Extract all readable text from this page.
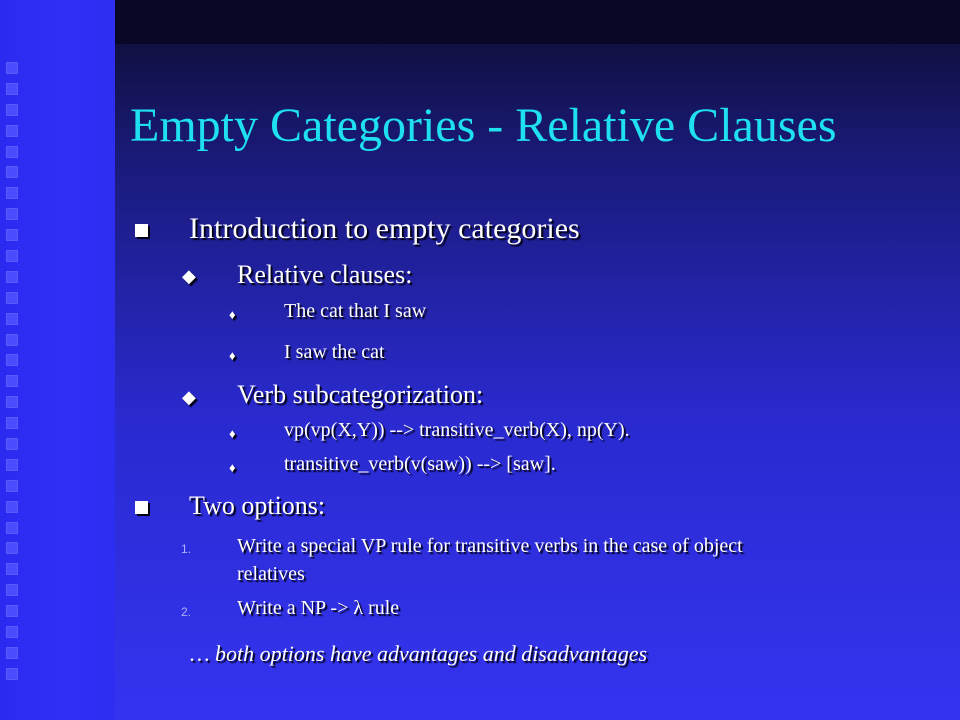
Empty Categories - Relative Clauses
Introduction to empty categories
◆ Relative clauses:
♦ The cat that I saw
♦ I saw the cat
◆ Verb subcategorization:
♦ vp(vp(X,Y)) --> transitive_verb(X), np(Y).
♦ transitive_verb(v(saw)) --> [saw].
Two options:
1. Write a special VP rule for transitive verbs in the case of object
relatives
2. Write a NP -> λ rule
… both options have advantages and disadvantages
